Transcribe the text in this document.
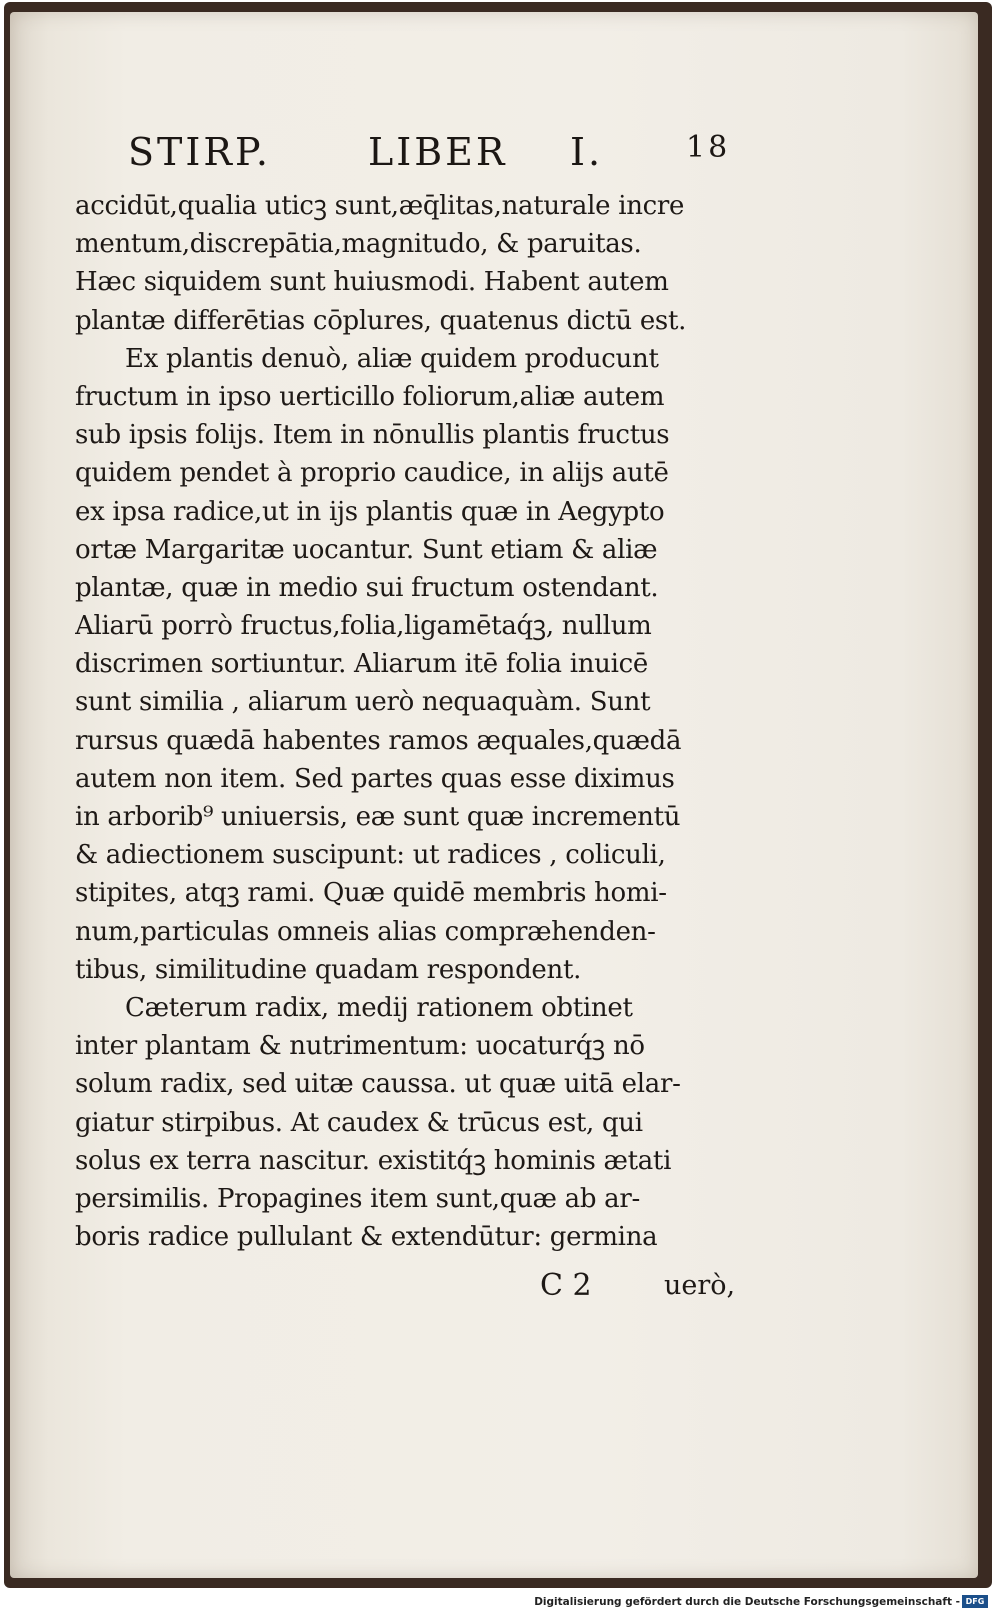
STIRP.	LIBER I.	18
accidūt,qualia uticꝫ sunt,æq̄litas,naturale incre
mentum,discrepātia,magnitudo, & paruitas.
Hæc siquidem sunt huiusmodi. Habent autem
plantæ differētias cōplures, quatenus dictū est.
Ex plantis denuò, aliæ quidem producunt
fructum in ipso uerticillo foliorum,aliæ autem
sub ipsis folijs. Item in nōnullis plantis fructus
quidem pendet à proprio caudice, in alijs autē
ex ipsa radice,ut in ijs plantis quæ in Aegypto
ortæ Margaritæ uocantur. Sunt etiam & aliæ
plantæ, quæ in medio sui fructum ostendant.
Aliarū porrò fructus,folia,ligamētaq́ꝫ, nullum
discrimen sortiuntur. Aliarum itē folia inuicē
sunt similia , aliarum uerò nequaquàm. Sunt
rursus quædā habentes ramos æquales,quædā
autem non item. Sed partes quas esse diximus
in arborib⁹ uniuersis, eæ sunt quæ incrementū
& adiectionem suscipunt: ut radices , coliculi,
stipites, atqꝫ rami. Quæ quidē membris homi-
num,particulas omneis alias compræhenden-
tibus, similitudine quadam respondent.
Cæterum radix, medij rationem obtinet
inter plantam & nutrimentum: uocaturq́ꝫ nō
solum radix, sed uitæ caussa. ut quæ uitā elar-
giatur stirpibus. At caudex & trūcus est, qui
solus ex terra nascitur. existitq́ꝫ hominis ætati
persimilis. Propagines item sunt,quæ ab ar-
boris radice pullulant & extendūtur: germina
C 2	uerò,
Digitalisierung gefördert durch die Deutsche Forschungsgemeinschaft - DFG
